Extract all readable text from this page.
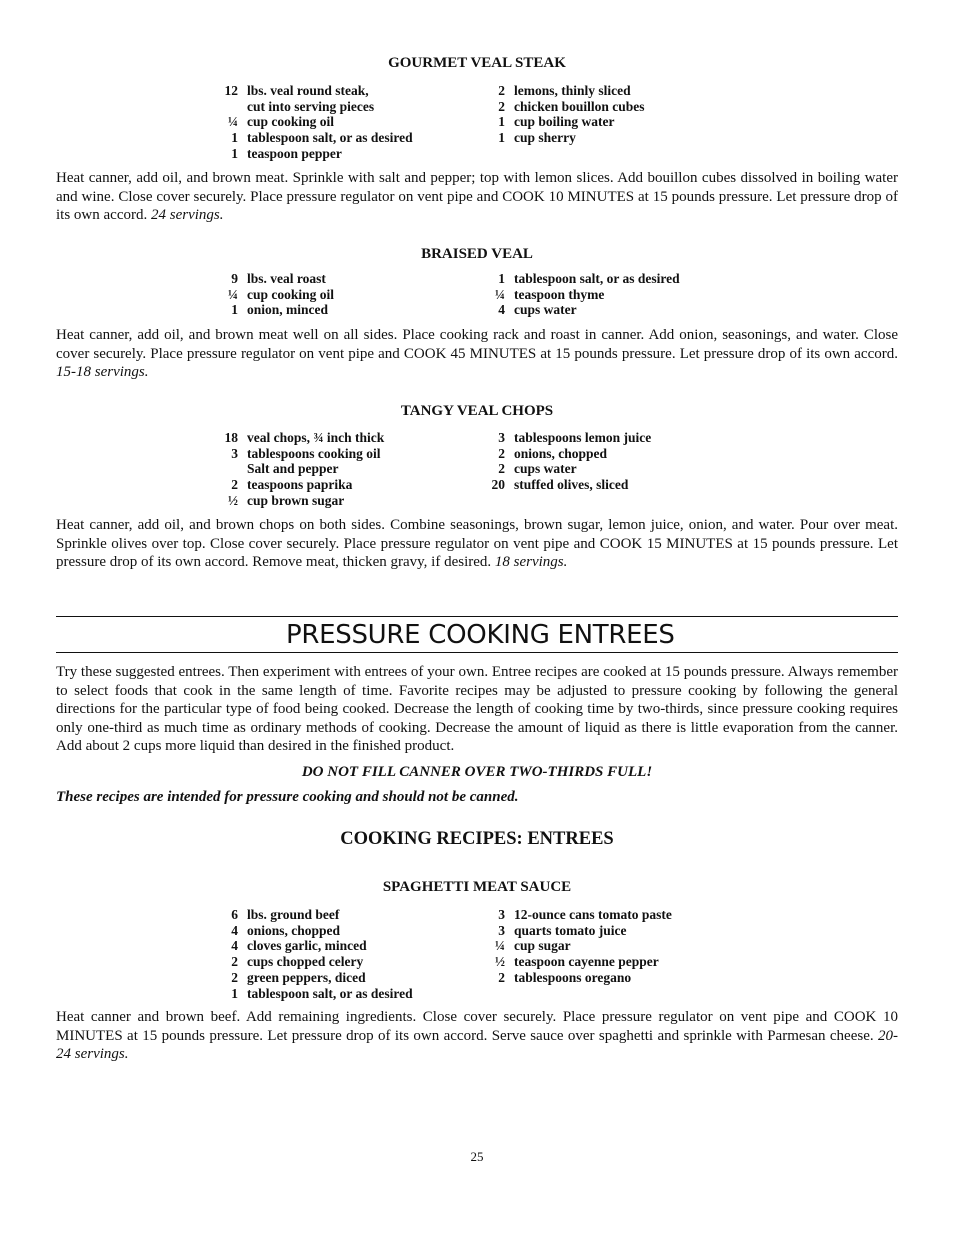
GOURMET VEAL STEAK
12 lbs. veal round steak,
cut into serving pieces
¼ cup cooking oil
1 tablespoon salt, or as desired
1 teaspoon pepper
2 lemons, thinly sliced
2 chicken bouillon cubes
1 cup boiling water
1 cup sherry

Heat canner, add oil, and brown meat. Sprinkle with salt and pepper; top with lemon slices. Add bouillon cubes dissolved in boiling water and wine. Close cover securely. Place pressure regulator on vent pipe and COOK 10 MINUTES at 15 pounds pressure. Let pressure drop of its own accord. 24 servings.

BRAISED VEAL
9 lbs. veal roast
¼ cup cooking oil
1 onion, minced
1 tablespoon salt, or as desired
¼ teaspoon thyme
4 cups water

Heat canner, add oil, and brown meat well on all sides. Place cooking rack and roast in canner. Add onion, seasonings, and water. Close cover securely. Place pressure regulator on vent pipe and COOK 45 MINUTES at 15 pounds pressure. Let pressure drop of its own accord. 15-18 servings.

TANGY VEAL CHOPS
18 veal chops, ¾ inch thick
3 tablespoons cooking oil
Salt and pepper
2 teaspoons paprika
½ cup brown sugar
3 tablespoons lemon juice
2 onions, chopped
2 cups water
20 stuffed olives, sliced

Heat canner, add oil, and brown chops on both sides. Combine seasonings, brown sugar, lemon juice, onion, and water. Pour over meat. Sprinkle olives over top. Close cover securely. Place pressure regulator on vent pipe and COOK 15 MINUTES at 15 pounds pressure. Let pressure drop of its own accord. Remove meat, thicken gravy, if desired. 18 servings.

PRESSURE COOKING ENTREES

Try these suggested entrees. Then experiment with entrees of your own. Entree recipes are cooked at 15 pounds pressure. Always remember to select foods that cook in the same length of time. Favorite recipes may be adjusted to pressure cooking by following the general directions for the particular type of food being cooked. Decrease the length of cooking time by two-thirds, since pressure cooking requires only one-third as much time as ordinary methods of cooking. Decrease the amount of liquid as there is little evaporation from the canner. Add about 2 cups more liquid than desired in the finished product.

DO NOT FILL CANNER OVER TWO-THIRDS FULL!
These recipes are intended for pressure cooking and should not be canned.
COOKING RECIPES: ENTREES
SPAGHETTI MEAT SAUCE
6 lbs. ground beef
4 onions, chopped
4 cloves garlic, minced
2 cups chopped celery
2 green peppers, diced
1 tablespoon salt, or as desired
3 12-ounce cans tomato paste
3 quarts tomato juice
¼ cup sugar
½ teaspoon cayenne pepper
2 tablespoons oregano

Heat canner and brown beef. Add remaining ingredients. Close cover securely. Place pressure regulator on vent pipe and COOK 10 MINUTES at 15 pounds pressure. Let pressure drop of its own accord. Serve sauce over spaghetti and sprinkle with Parmesan cheese. 20-24 servings.

25
